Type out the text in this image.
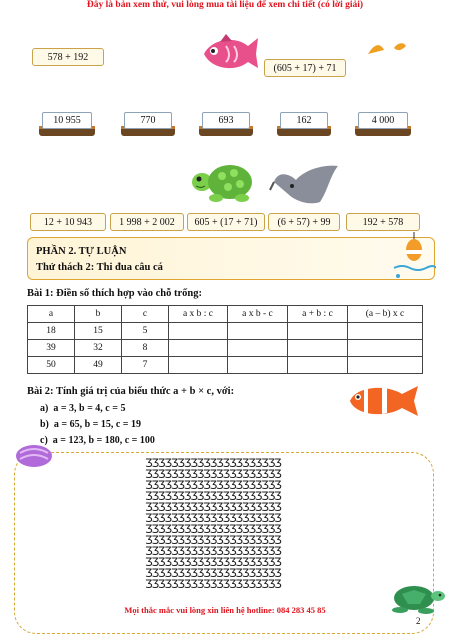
Đây là bản xem thử, vui lòng mua tài liệu để xem chi tiết (có lời giải)
578 + 192
(605 + 17) + 71
10 955	770	693	162	4 000
12 + 10 943	1 998 + 2 002	605 + (17 + 71)	(6 + 57) + 99	192 + 578
PHẦN 2. TỰ LUẬN
Thử thách 2: Thi đua câu cá
Bài 1: Điền số thích hợp vào chỗ trống:
a	b	c	a x b : c	a x b - c	a + b : c	(a – b) x c
18	15	5				
39	32	8				
50	49	7				
Bài 2: Tính giá trị của biểu thức a + b × c, với:
a) a = 3, b = 4, c = 5
b) a = 65, b = 15, c = 19
c) a = 123, b = 180, c = 100
ƷƷƷƷƷƷƷƷƷƷƷƷƷƷƷƷƷƷƷƷƷ
ƷƷƷƷƷƷƷƷƷƷƷƷƷƷƷƷƷƷƷƷƷ
ƷƷƷƷƷƷƷƷƷƷƷƷƷƷƷƷƷƷƷƷƷ
ƷƷƷƷƷƷƷƷƷƷƷƷƷƷƷƷƷƷƷƷƷ
ƷƷƷƷƷƷƷƷƷƷƷƷƷƷƷƷƷƷƷƷƷ
ƷƷƷƷƷƷƷƷƷƷƷƷƷƷƷƷƷƷƷƷƷ
ƷƷƷƷƷƷƷƷƷƷƷƷƷƷƷƷƷƷƷƷƷ
ƷƷƷƷƷƷƷƷƷƷƷƷƷƷƷƷƷƷƷƷƷ
ƷƷƷƷƷƷƷƷƷƷƷƷƷƷƷƷƷƷƷƷƷ
ƷƷƷƷƷƷƷƷƷƷƷƷƷƷƷƷƷƷƷƷƷ
ƷƷƷƷƷƷƷƷƷƷƷƷƷƷƷƷƷƷƷƷƷ
ƷƷƷƷƷƷƷƷƷƷƷƷƷƷƷƷƷƷƷƷƷ
Mọi thắc mắc vui lòng xin liên hệ hotline: 084 283 45 85
2
